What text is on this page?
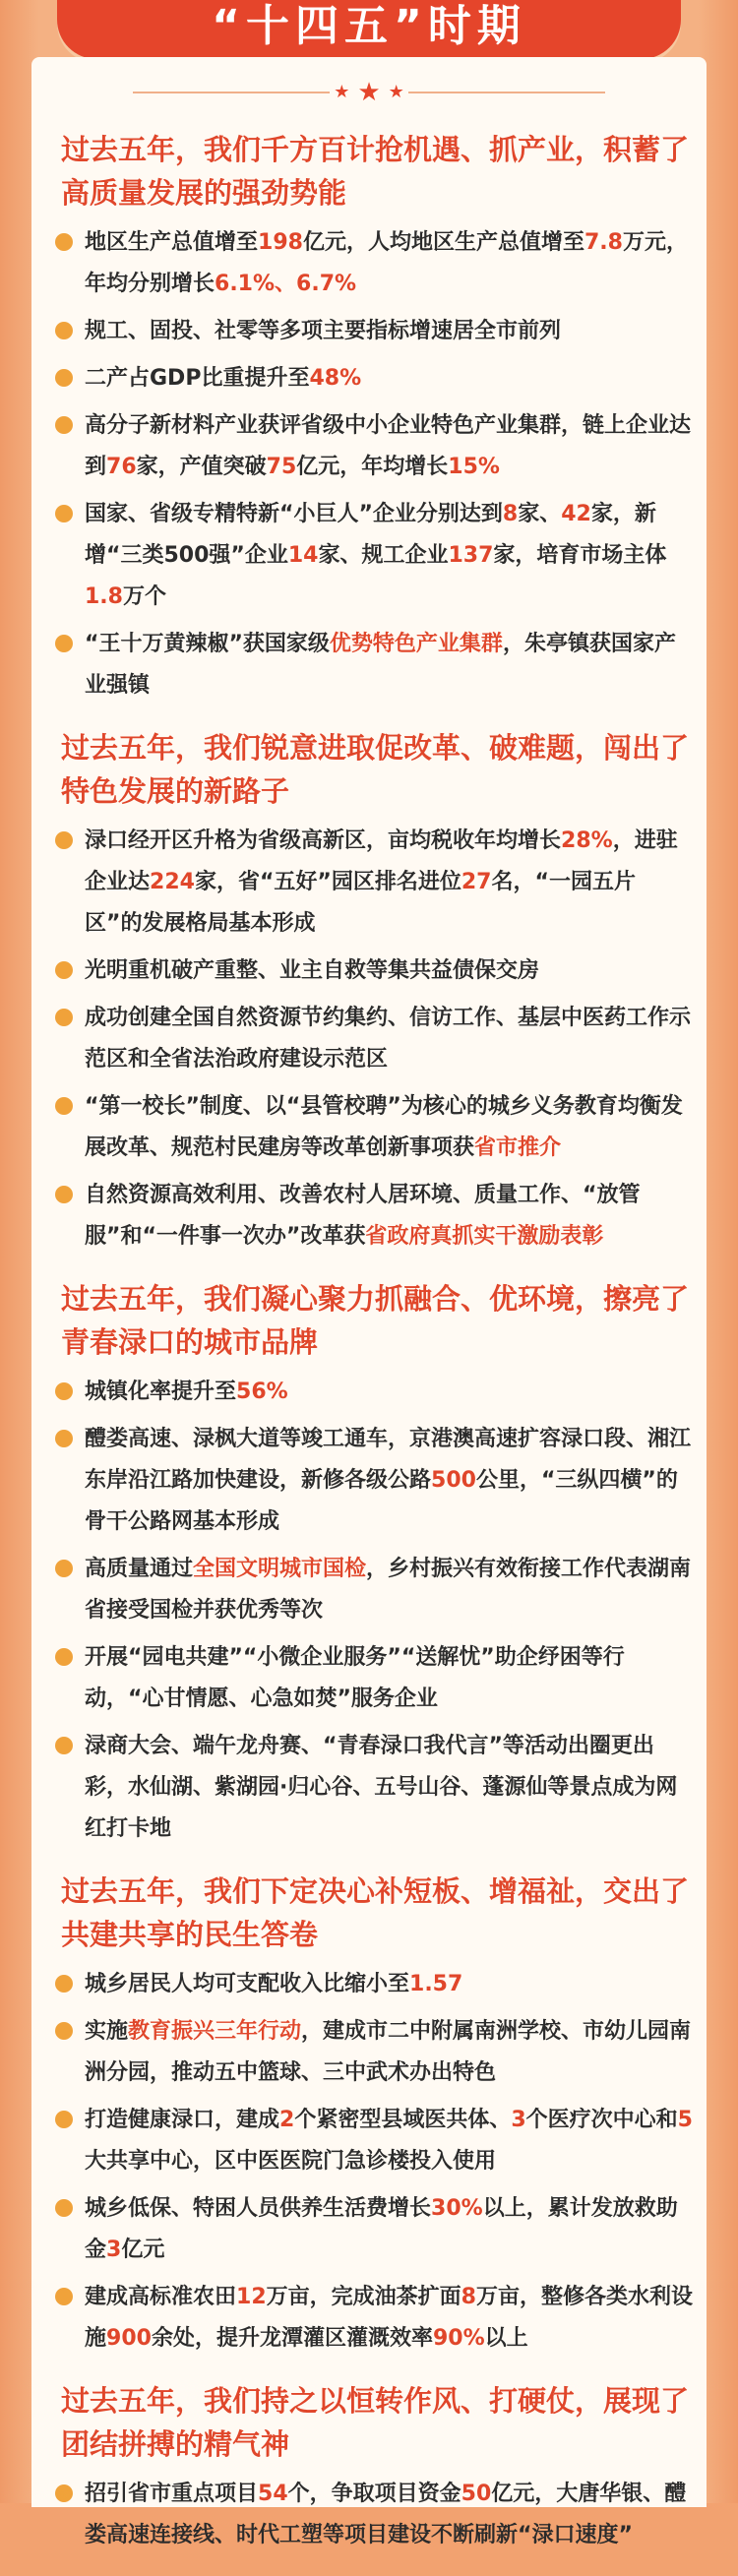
“十四五”时期
★ ★ ★
过去五年，我们千方百计抢机遇、抓产业，积蓄了高质量发展的强劲势能
地区生产总值增至198亿元，人均地区生产总值增至7.8万元，年均分别增长6.1%、6.7%
规工、固投、社零等多项主要指标增速居全市前列
二产占GDP比重提升至48%
高分子新材料产业获评省级中小企业特色产业集群，链上企业达到76家，产值突破75亿元，年均增长15%
国家、省级专精特新“小巨人”企业分别达到8家、42家，新增“三类500强”企业14家、规工企业137家，培育市场主体1.8万个
“王十万黄辣椒”获国家级优势特色产业集群，朱亭镇获国家产业强镇
过去五年，我们锐意进取促改革、破难题，闯出了特色发展的新路子
渌口经开区升格为省级高新区，亩均税收年均增长28%，进驻企业达224家，省“五好”园区排名进位27名，“一园五片区”的发展格局基本形成
光明重机破产重整、业主自救等集共益债保交房
成功创建全国自然资源节约集约、信访工作、基层中医药工作示范区和全省法治政府建设示范区
“第一校长”制度、以“县管校聘”为核心的城乡义务教育均衡发展改革、规范村民建房等改革创新事项获省市推介
自然资源高效利用、改善农村人居环境、质量工作、“放管服”和“一件事一次办”改革获省政府真抓实干激励表彰
过去五年，我们凝心聚力抓融合、优环境，擦亮了青春渌口的城市品牌
城镇化率提升至56%
醴娄高速、渌枫大道等竣工通车，京港澳高速扩容渌口段、湘江东岸沿江路加快建设，新修各级公路500公里，“三纵四横”的骨干公路网基本形成
高质量通过全国文明城市国检，乡村振兴有效衔接工作代表湖南省接受国检并获优秀等次
开展“园电共建”“小微企业服务”“送解忧”助企纾困等行动，“心甘情愿、心急如焚”服务企业
渌商大会、端午龙舟赛、“青春渌口我代言”等活动出圈更出彩，水仙湖、紫湖园·归心谷、五号山谷、蓬源仙等景点成为网红打卡地
过去五年，我们下定决心补短板、增福祉，交出了共建共享的民生答卷
城乡居民人均可支配收入比缩小至1.57
实施教育振兴三年行动，建成市二中附属南洲学校、市幼儿园南洲分园，推动五中篮球、三中武术办出特色
打造健康渌口，建成2个紧密型县域医共体、3个医疗次中心和5大共享中心，区中医医院门急诊楼投入使用
城乡低保、特困人员供养生活费增长30%以上，累计发放救助金3亿元
建成高标准农田12万亩，完成油茶扩面8万亩，整修各类水利设施900余处，提升龙潭灌区灌溉效率90%以上
过去五年，我们持之以恒转作风、打硬仗，展现了团结拼搏的精气神
招引省市重点项目54个，争取项目资金50亿元，大唐华银、醴娄高速连接线、时代工塑等项目建设不断刷新“渌口速度”
